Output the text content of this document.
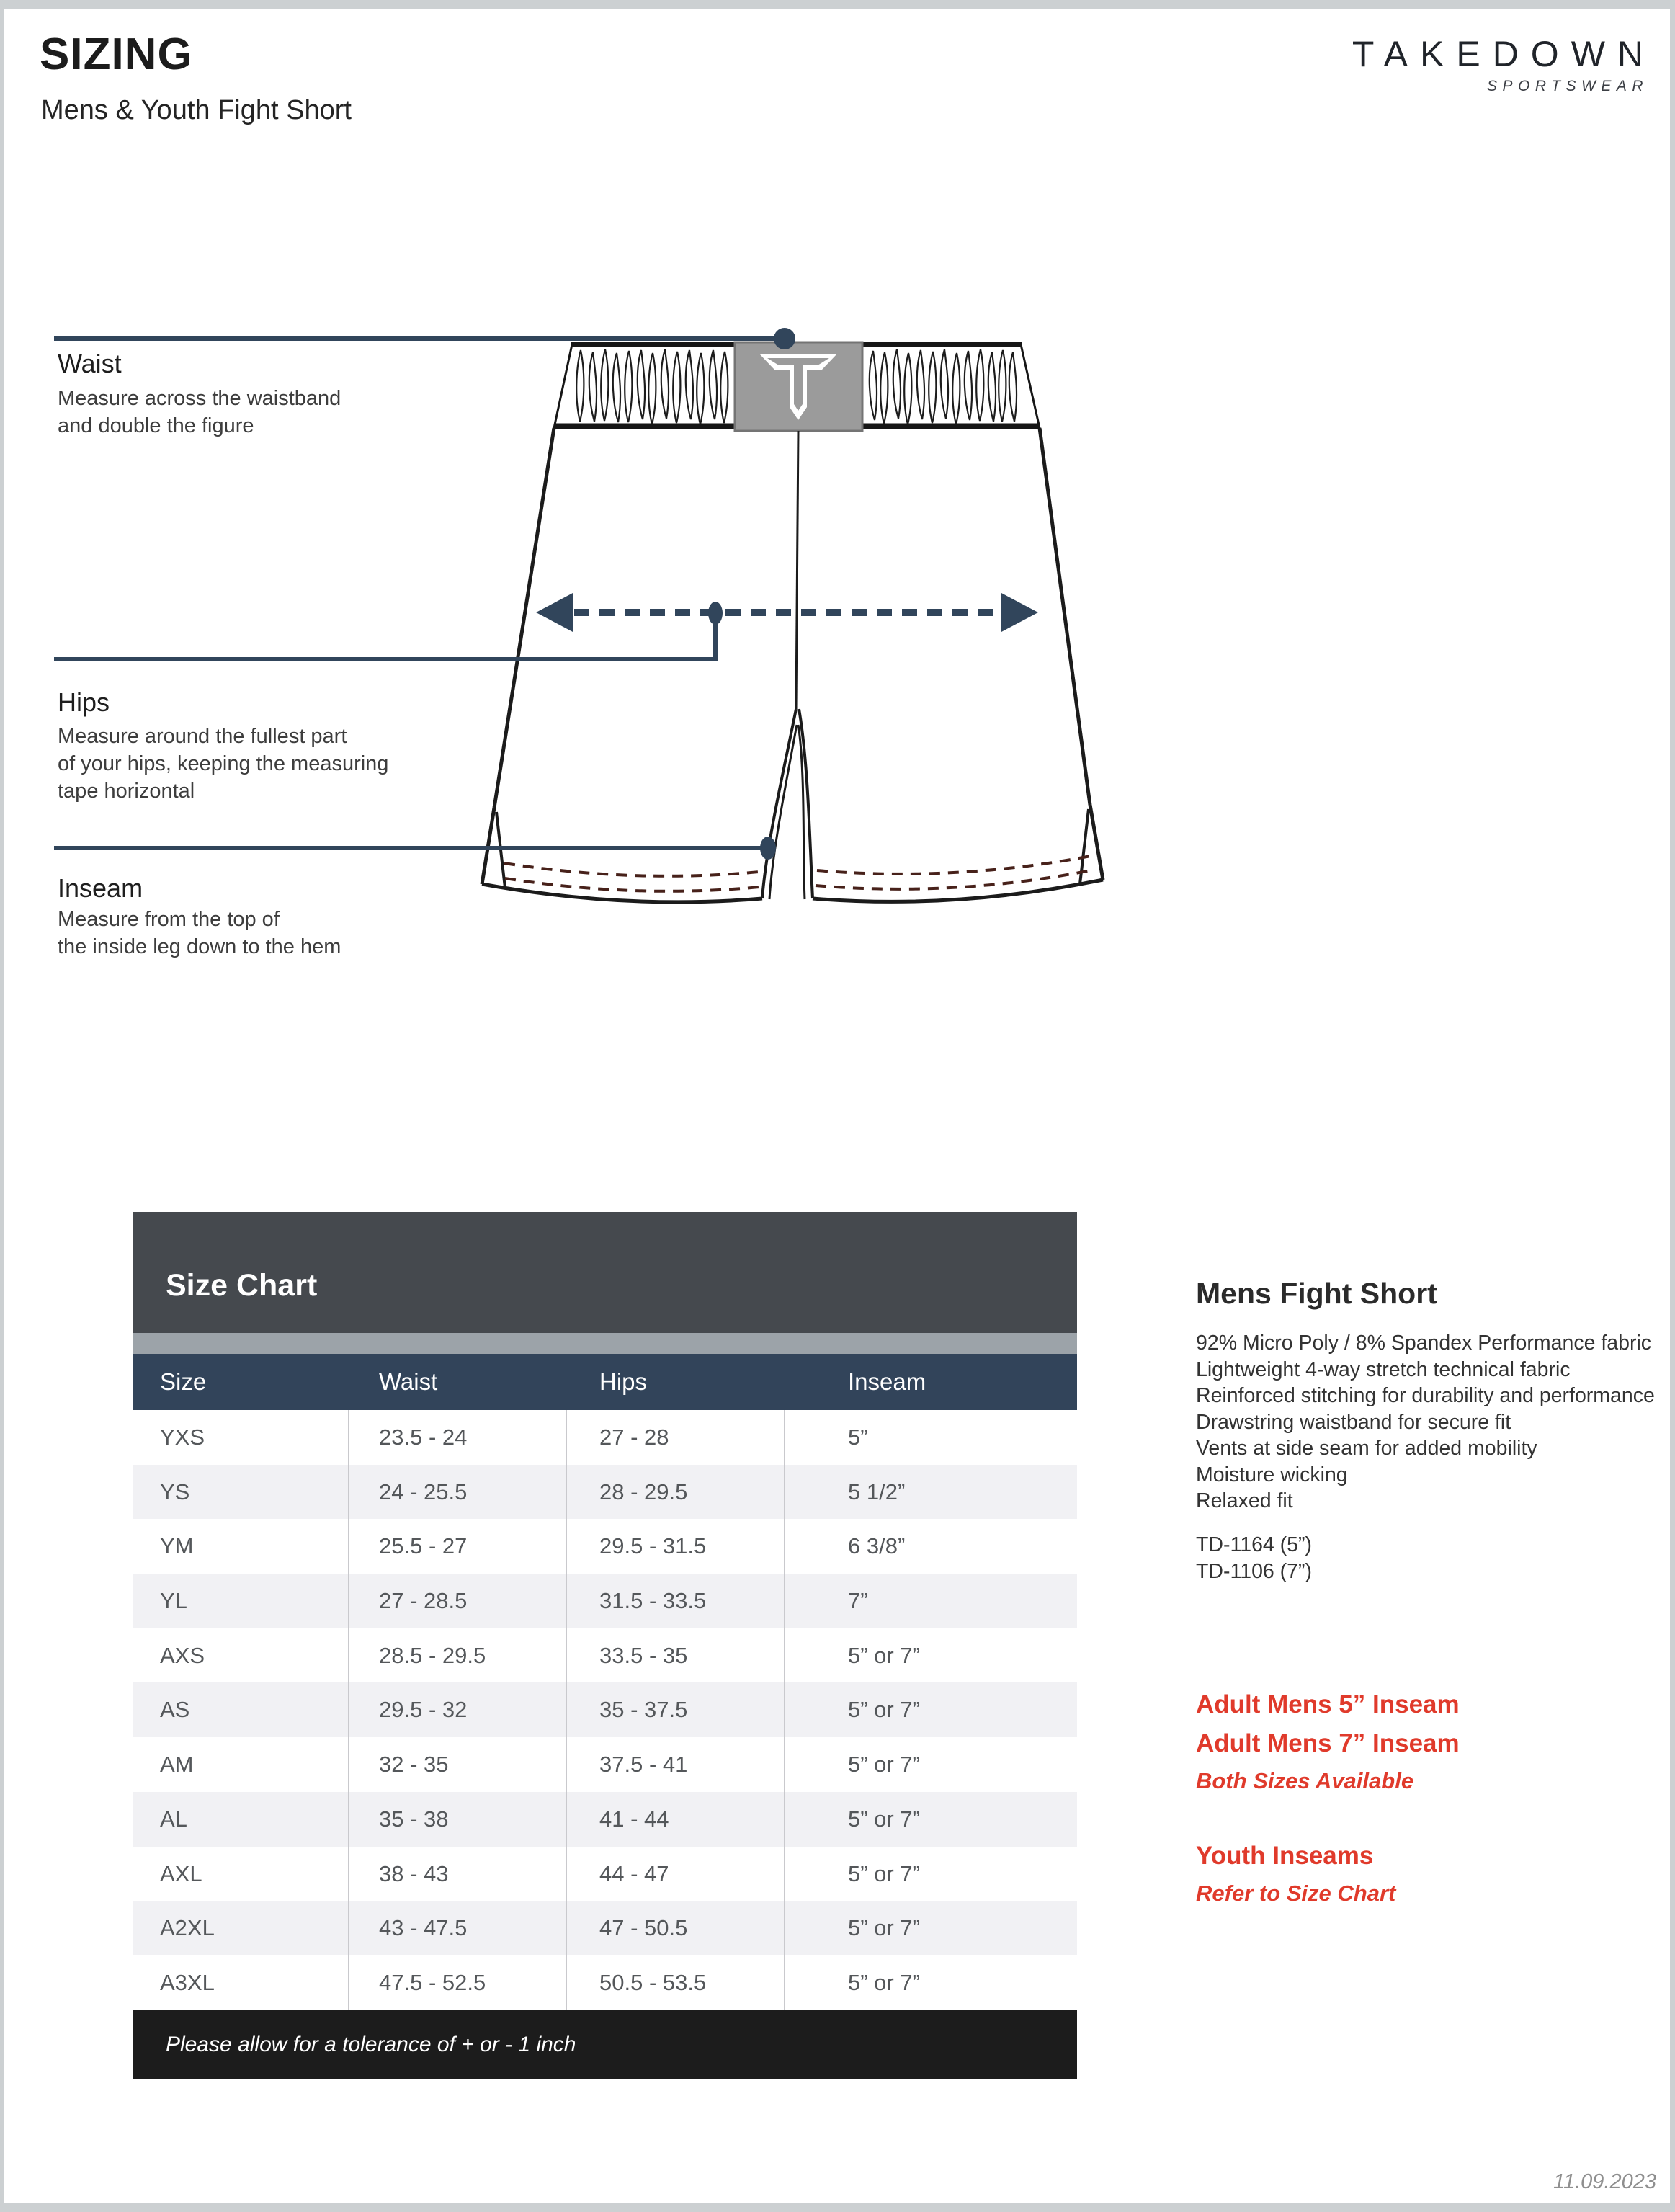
SIZING
Mens & Youth Fight Short
TAKEDOWN
SPORTSWEAR
Waist
Measure across the waistband
and double the figure
Hips
Measure around the fullest part
of your hips, keeping the measuring
tape horizontal
Inseam
Measure from the top of
the inside leg down to the hem
Size Chart
Size	Waist	Hips	Inseam
YXS	23.5 - 24	27 - 28	5”
YS	24 - 25.5	28 - 29.5	5 1/2”
YM	25.5 - 27	29.5 - 31.5	6 3/8”
YL	27 - 28.5	31.5 - 33.5	7”
AXS	28.5 - 29.5	33.5 - 35	5” or 7”
AS	29.5 - 32	35 - 37.5	5” or 7”
AM	32 - 35	37.5 - 41	5” or 7”
AL	35 - 38	41 - 44	5” or 7”
AXL	38 - 43	44 - 47	5” or 7”
A2XL	43 - 47.5	47 - 50.5	5” or 7”
A3XL	47.5 - 52.5	50.5 - 53.5	5” or 7”
Please allow for a tolerance of + or - 1 inch
Mens Fight Short
92% Micro Poly / 8% Spandex Performance fabric
Lightweight 4-way stretch technical fabric
Reinforced stitching for durability and performance
Drawstring waistband for secure fit
Vents at side seam for added mobility
Moisture wicking
Relaxed fit
TD-1164 (5”)
TD-1106 (7”)
Adult Mens 5” Inseam
Adult Mens 7” Inseam
Both Sizes Available
Youth Inseams
Refer to Size Chart
11.09.2023
